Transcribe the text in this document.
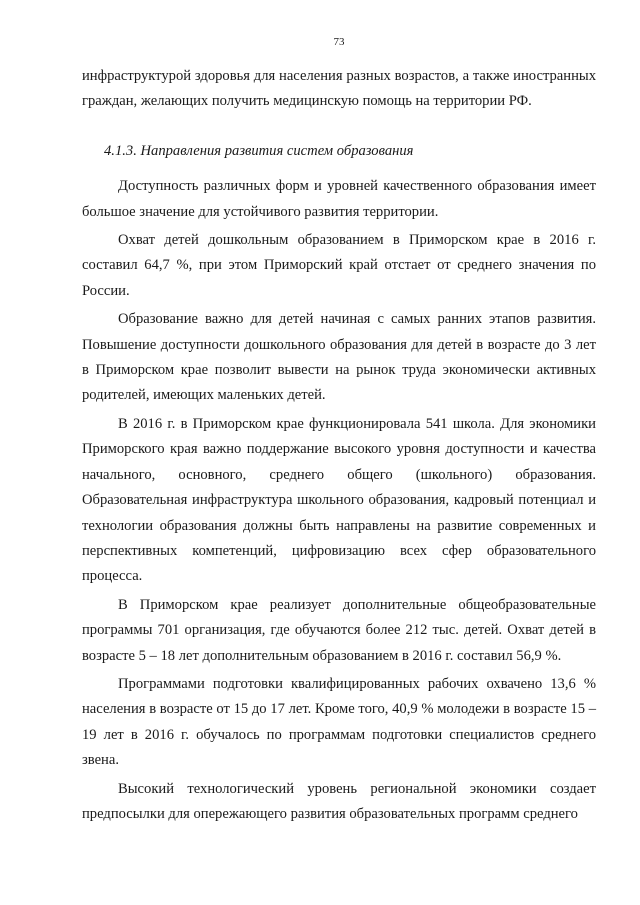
73

инфраструктурой здоровья для населения разных возрастов, а также иностранных граждан, желающих получить медицинскую помощь на территории РФ.

4.1.3. Направления развития систем образования

Доступность различных форм и уровней качественного образования имеет большое значение для устойчивого развития территории.

Охват детей дошкольным образованием в Приморском крае в 2016 г. составил 64,7 %, при этом Приморский край отстает от среднего значения по России.

Образование важно для детей начиная с самых ранних этапов развития. Повышение доступности дошкольного образования для детей в возрасте до 3 лет в Приморском крае позволит вывести на рынок труда экономически активных родителей, имеющих маленьких детей.

В 2016 г. в Приморском крае функционировала 541 школа. Для экономики Приморского края важно поддержание высокого уровня доступности и качества начального, основного, среднего общего (школьного) образования. Образовательная инфраструктура школьного образования, кадровый потенциал и технологии образования должны быть направлены на развитие современных и перспективных компетенций, цифровизацию всех сфер образовательного процесса.

В Приморском крае реализует дополнительные общеобразовательные программы 701 организация, где обучаются более 212 тыс. детей. Охват детей в возрасте 5 – 18 лет дополнительным образованием в 2016 г. составил 56,9 %.

Программами подготовки квалифицированных рабочих охвачено 13,6 % населения в возрасте от 15 до 17 лет. Кроме того, 40,9 % молодежи в возрасте 15 – 19 лет в 2016 г. обучалось по программам подготовки специалистов среднего звена.

Высокий технологический уровень региональной экономики создает предпосылки для опережающего развития образовательных программ среднего
